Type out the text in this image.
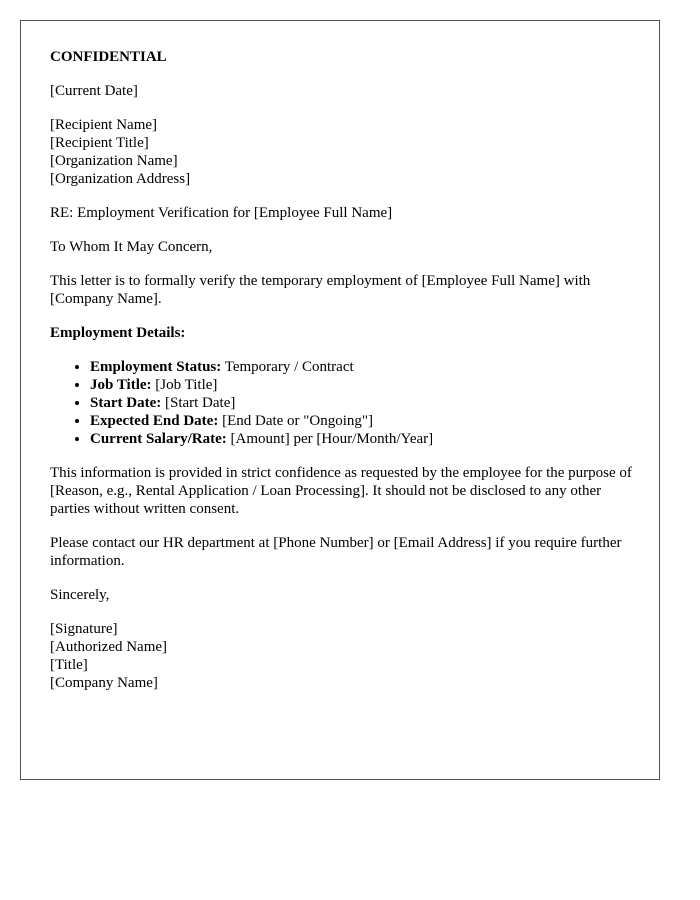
CONFIDENTIAL

[Current Date]

[Recipient Name]
[Recipient Title]
[Organization Name]
[Organization Address]

RE: Employment Verification for [Employee Full Name]

To Whom It May Concern,

This letter is to formally verify the temporary employment of [Employee Full Name] with [Company Name].

Employment Details:

• Employment Status: Temporary / Contract
• Job Title: [Job Title]
• Start Date: [Start Date]
• Expected End Date: [End Date or "Ongoing"]
• Current Salary/Rate: [Amount] per [Hour/Month/Year]

This information is provided in strict confidence as requested by the employee for the purpose of [Reason, e.g., Rental Application / Loan Processing]. It should not be disclosed to any other parties without written consent.

Please contact our HR department at [Phone Number] or [Email Address] if you require further information.

Sincerely,

[Signature]
[Authorized Name]
[Title]
[Company Name]
